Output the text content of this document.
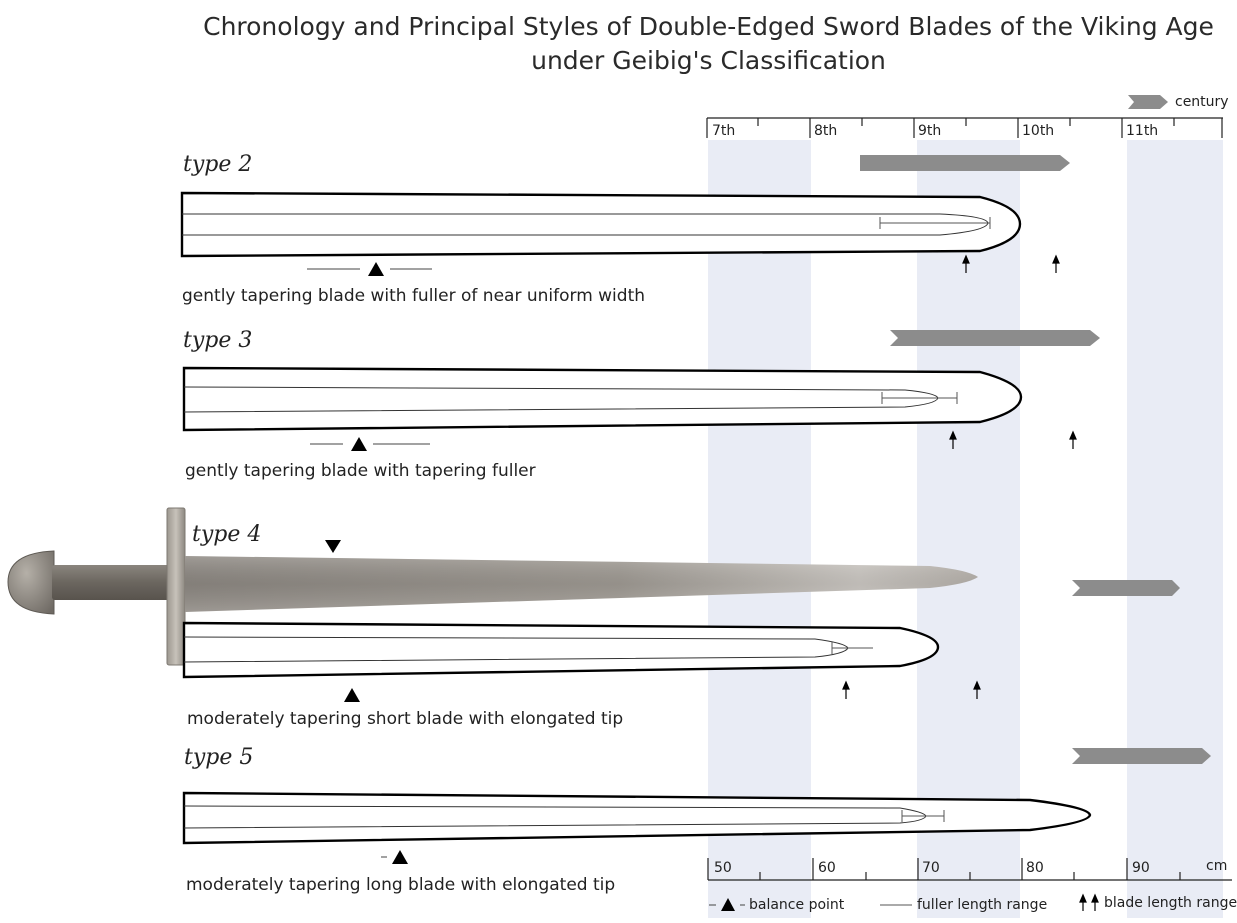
Chronology and Principal Styles of Double-Edged Sword Blades of the Viking Age
under Geibig's Classification
century
7th	8th	9th	10th	11th
50	60	70	80	90	cm
type 2
type 3
type 4
type 5
gently tapering blade with fuller of near uniform width
gently tapering blade with tapering fuller
moderately tapering short blade with elongated tip
moderately tapering long blade with elongated tip
balance point	fuller length range	blade length range
